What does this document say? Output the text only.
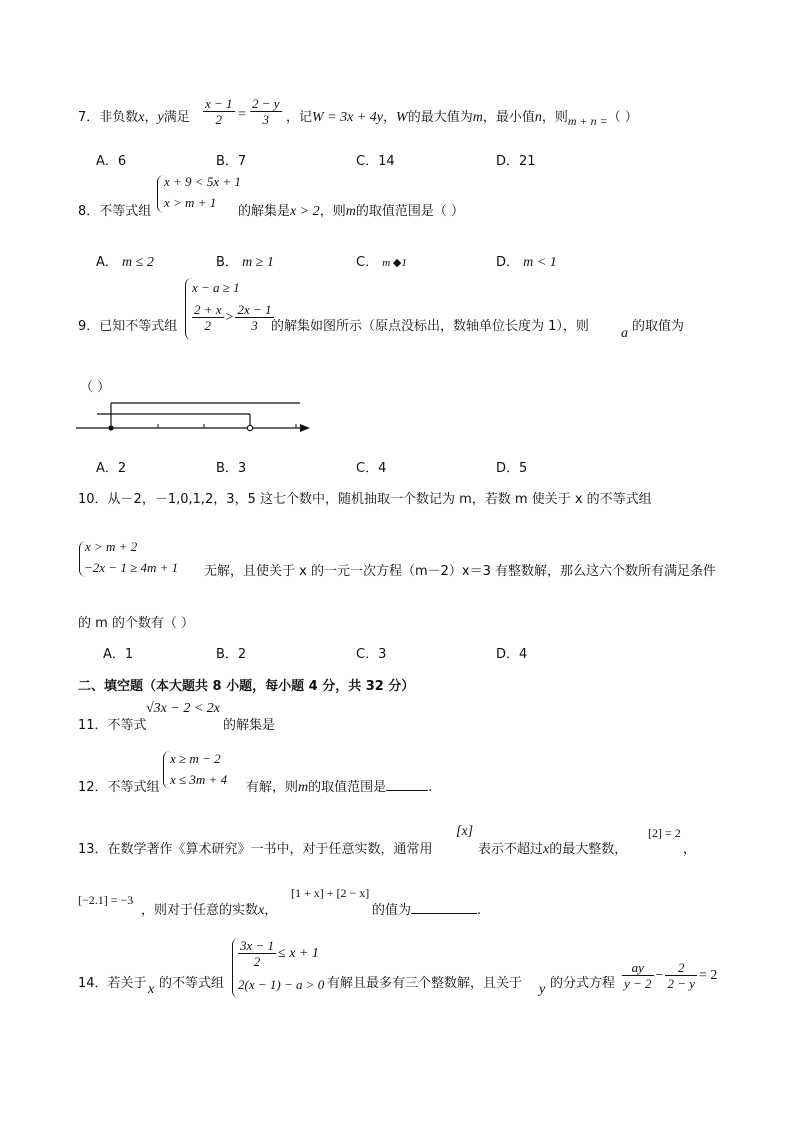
7．非负数x，y满足 $\frac{x - 1}{2} = \frac{2 - y}{3}$ ，记W = 3x + 4y，W的最大值为m，最小值n，则m + n =（ ）
A．6	B．7	C．14	D．21
8．不等式组
x + 9 < 5x + 1
x > m + 1
的解集是x > 2，则m的取值范围是（ ）
A． m ≤ 2	B． m ≥ 1	C． m ◆1	D． m < 1
9．已知不等式组
x − a ≥ 1
$\frac{2 + x}{2} > \frac{2x - 1}{3}$
的解集如图所示（原点没标出，数轴单位长度为 1），则 a 的取值为
（ ）
A．2	B．3	C．4	D．5
10．从－2，－1,0,1,2，3，5 这七个数中，随机抽取一个数记为 m，若数 m 使关于 x 的不等式组
x > m + 2
−2x − 1 ≥ 4m + 1 无解，且使关于 x 的一元一次方程（m－2）x＝3 有整数解，那么这六个数所有满足条件
的 m 的个数有（ ）
A．1	B．2	C．3	D．4
二、填空题（本大题共 8 小题，每小题 4 分，共 32 分）
11．不等式
√3x − 2 < 2x
的解集是
12．不等式组
x ≥ m − 2
x ≤ 3m + 4
有解，则m的取值范围是	.
13．在数学著作《算术研究》一书中，对于任意实数，通常用
[x]
表示不超过x的最大整数，
[2] = 2
，
[−2.1] = −3
，则对于任意的实数x，
[1 + x] + [2 − x]
的值为	.
14．若关于 x 的不等式组
$\frac{3x - 1}{2} \le x + 1$
2(x − 1) − a > 0 有解且最多有三个整数解，且关于 y 的分式方程 $\frac{ay}{y - 2} - \frac{2}{2 - y} = 2$
